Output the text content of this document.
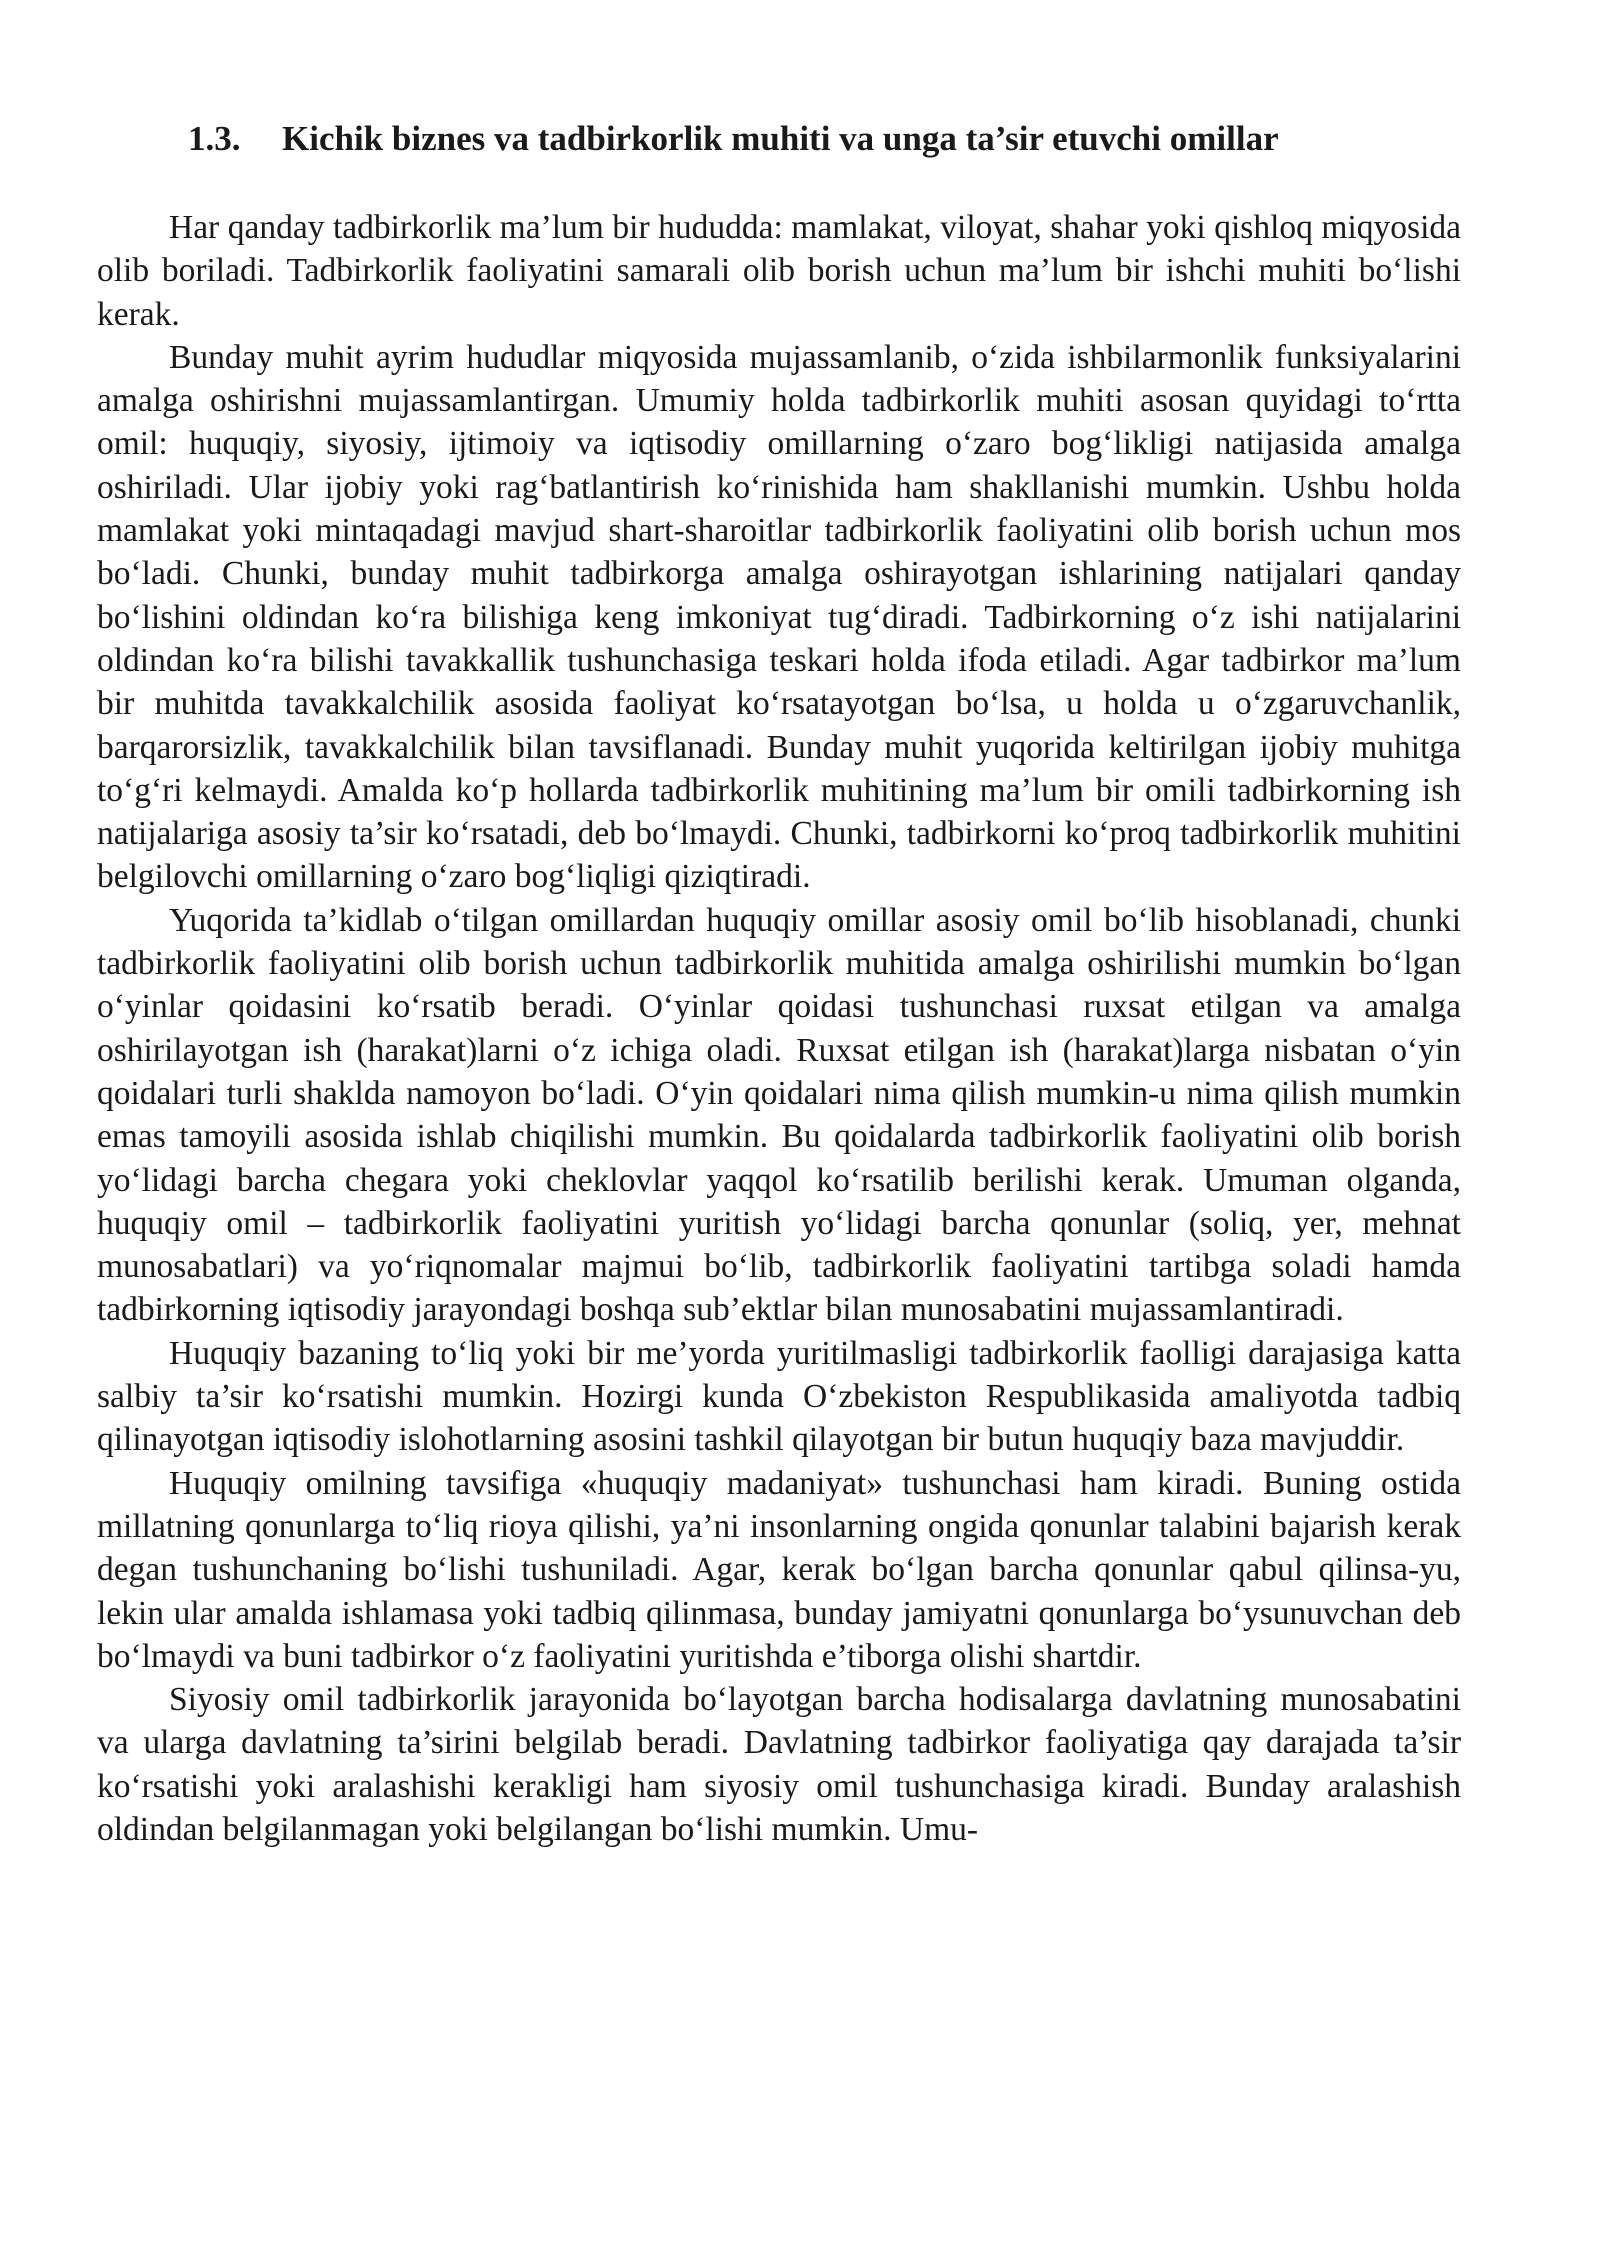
1.3.	Kichik biznes va tadbirkorlik muhiti va unga ta’sir etuvchi omillar

Har qanday tadbirkorlik ma’lum bir hududda: mamlakat, viloyat, shahar yoki qishloq miqyosida olib boriladi. Tadbirkorlik faoliyatini samarali olib borish uchun ma’lum bir ishchi muhiti bo‘lishi kerak.

Bunday muhit ayrim hududlar miqyosida mujassamlanib, o‘zida ishbilarmonlik funksiyalarini amalga oshirishni mujassamlantirgan. Umumiy holda tadbirkorlik muhiti asosan quyidagi to‘rtta omil: huquqiy, siyosiy, ijtimoiy va iqtisodiy omillarning o‘zaro bog‘likligi natijasida amalga oshiriladi. Ular ijobiy yoki rag‘batlantirish ko‘rinishida ham shakllanishi mumkin. Ushbu holda mamlakat yoki mintaqadagi mavjud shart-sharoitlar tadbirkorlik faoliyatini olib borish uchun mos bo‘ladi. Chunki, bunday muhit tadbirkorga amalga oshirayotgan ishlarining natijalari qanday bo‘lishini oldindan ko‘ra bilishiga keng imkoniyat tug‘diradi. Tadbirkorning o‘z ishi natijalarini oldindan ko‘ra bilishi tavakkallik tushunchasiga teskari holda ifoda etiladi. Agar tadbirkor ma’lum bir muhitda tavakkalchilik asosida faoliyat ko‘rsatayotgan bo‘lsa, u holda u o‘zgaruvchanlik, barqarorsizlik, tavakkalchilik bilan tavsiflanadi. Bunday muhit yuqorida keltirilgan ijobiy muhitga to‘g‘ri kelmaydi. Amalda ko‘p hollarda tadbirkorlik muhitining ma’lum bir omili tadbirkorning ish natijalariga asosiy ta’sir ko‘rsatadi, deb bo‘lmaydi. Chunki, tadbirkorni ko‘proq tadbirkorlik muhitini belgilovchi omillarning o‘zaro bog‘liqligi qiziqtiradi.

Yuqorida ta’kidlab o‘tilgan omillardan huquqiy omillar asosiy omil bo‘lib hisoblanadi, chunki tadbirkorlik faoliyatini olib borish uchun tadbirkorlik muhitida amalga oshirilishi mumkin bo‘lgan o‘yinlar qoidasini ko‘rsatib beradi. O‘yinlar qoidasi tushunchasi ruxsat etilgan va amalga oshirilayotgan ish (harakat)larni o‘z ichiga oladi. Ruxsat etilgan ish (harakat)larga nisbatan o‘yin qoidalari turli shaklda namoyon bo‘ladi. O‘yin qoidalari nima qilish mumkin-u nima qilish mumkin emas tamoyili asosida ishlab chiqilishi mumkin. Bu qoidalarda tadbirkorlik faoliyatini olib borish yo‘lidagi barcha chegara yoki cheklovlar yaqqol ko‘rsatilib berilishi kerak. Umuman olganda, huquqiy omil – tadbirkorlik faoliyatini yuritish yo‘lidagi barcha qonunlar (soliq, yer, mehnat munosabatlari) va yo‘riqnomalar majmui bo‘lib, tadbirkorlik faoliyatini tartibga soladi hamda tadbirkorning iqtisodiy jarayondagi boshqa sub’ektlar bilan munosabatini mujassamlantiradi.

Huquqiy bazaning to‘liq yoki bir me’yorda yuritilmasligi tadbirkorlik faolligi darajasiga katta salbiy ta’sir ko‘rsatishi mumkin. Hozirgi kunda O‘zbekiston Respublikasida amaliyotda tadbiq qilinayotgan iqtisodiy islohotlarning asosini tashkil qilayotgan bir butun huquqiy baza mavjuddir.

Huquqiy omilning tavsifiga «huquqiy madaniyat» tushunchasi ham kiradi. Buning ostida millatning qonunlarga to‘liq rioya qilishi, ya’ni insonlarning ongida qonunlar talabini bajarish kerak degan tushunchaning bo‘lishi tushuniladi. Agar, kerak bo‘lgan barcha qonunlar qabul qilinsa-yu, lekin ular amalda ishlamasa yoki tadbiq qilinmasa, bunday jamiyatni qonunlarga bo‘ysunuvchan deb bo‘lmaydi va buni tadbirkor o‘z faoliyatini yuritishda e’tiborga olishi shartdir.

Siyosiy omil tadbirkorlik jarayonida bo‘layotgan barcha hodisalarga davlatning munosabatini va ularga davlatning ta’sirini belgilab beradi. Davlatning tadbirkor faoliyatiga qay darajada ta’sir ko‘rsatishi yoki aralashishi kerakligi ham siyosiy omil tushunchasiga kiradi. Bunday aralashish oldindan belgilanmagan yoki belgilangan bo‘lishi mumkin. Umu-
